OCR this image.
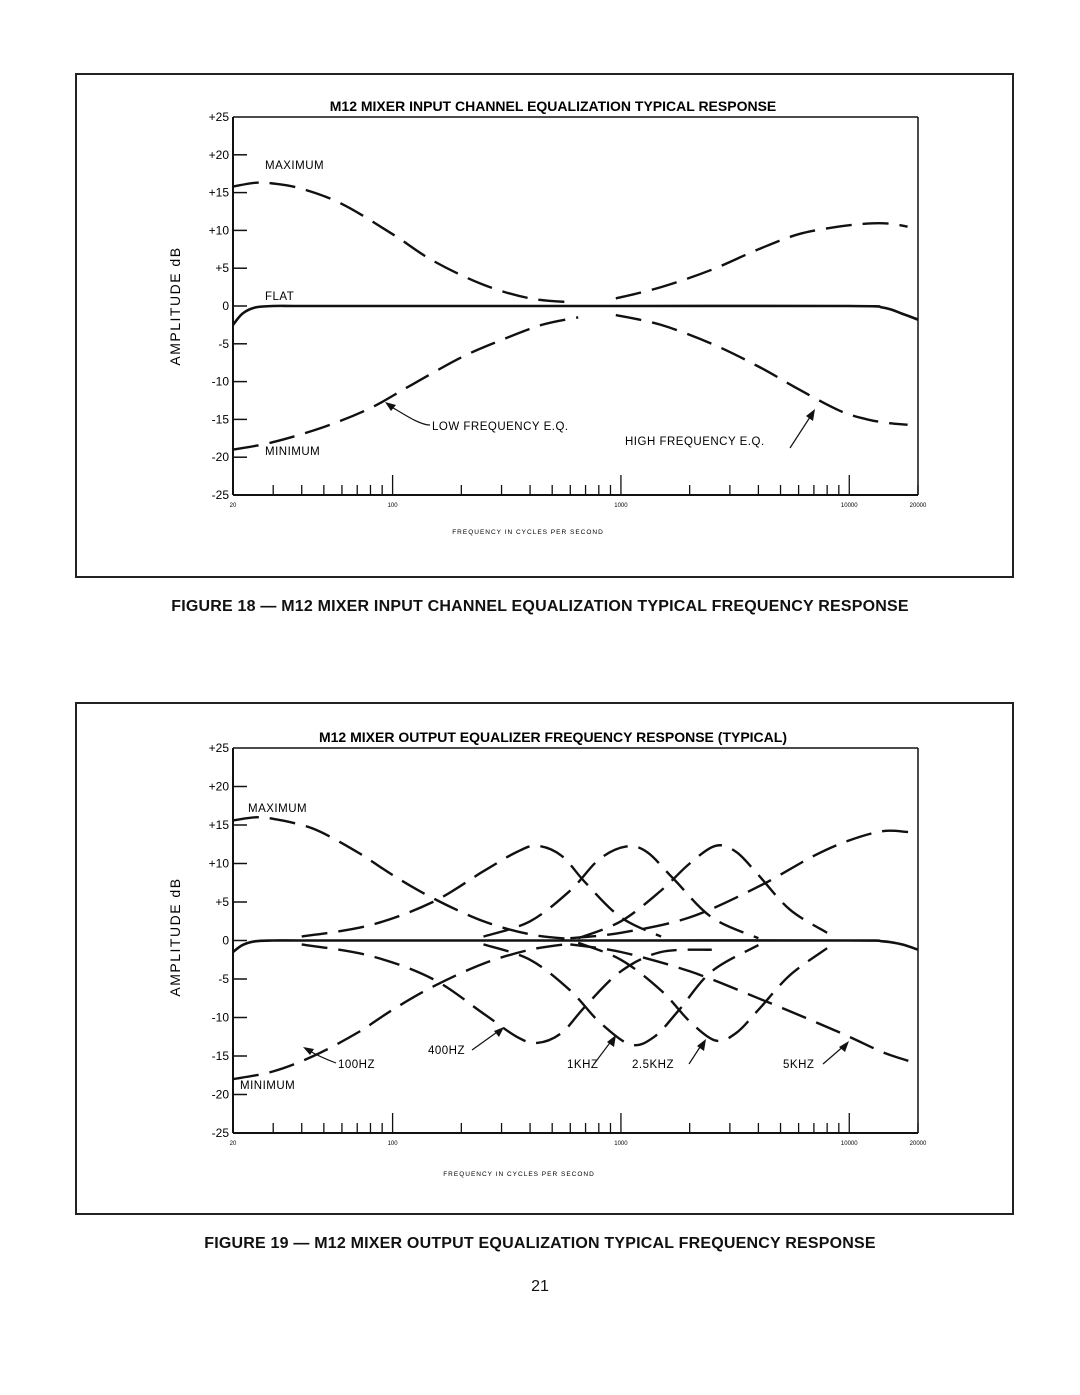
M12 MIXER INPUT CHANNEL EQUALIZATION TYPICAL RESPONSE
FREQUENCY IN CYCLES PER SECOND
AMPLITUDE dB
+25
+20
+15
+10
+5
0
-5
-10
-15
-20
-25
20	100	1000	10000	20000
MAXIMUM
FLAT
MINIMUM
LOW FREQUENCY E.Q.
HIGH FREQUENCY E.Q.
FIGURE 18 — M12 MIXER INPUT CHANNEL EQUALIZATION TYPICAL FREQUENCY RESPONSE
M12 MIXER OUTPUT EQUALIZER FREQUENCY RESPONSE (TYPICAL)
FREQUENCY IN CYCLES PER SECOND
AMPLITUDE dB
+25
+20
+15
+10
+5
0
-5
-10
-15
-20
-25
20	100	1000	10000	20000
MAXIMUM
MINIMUM
100HZ
400HZ
1KHZ	2.5KHZ	5KHZ
FIGURE 19 — M12 MIXER OUTPUT EQUALIZATION TYPICAL FREQUENCY RESPONSE
21
